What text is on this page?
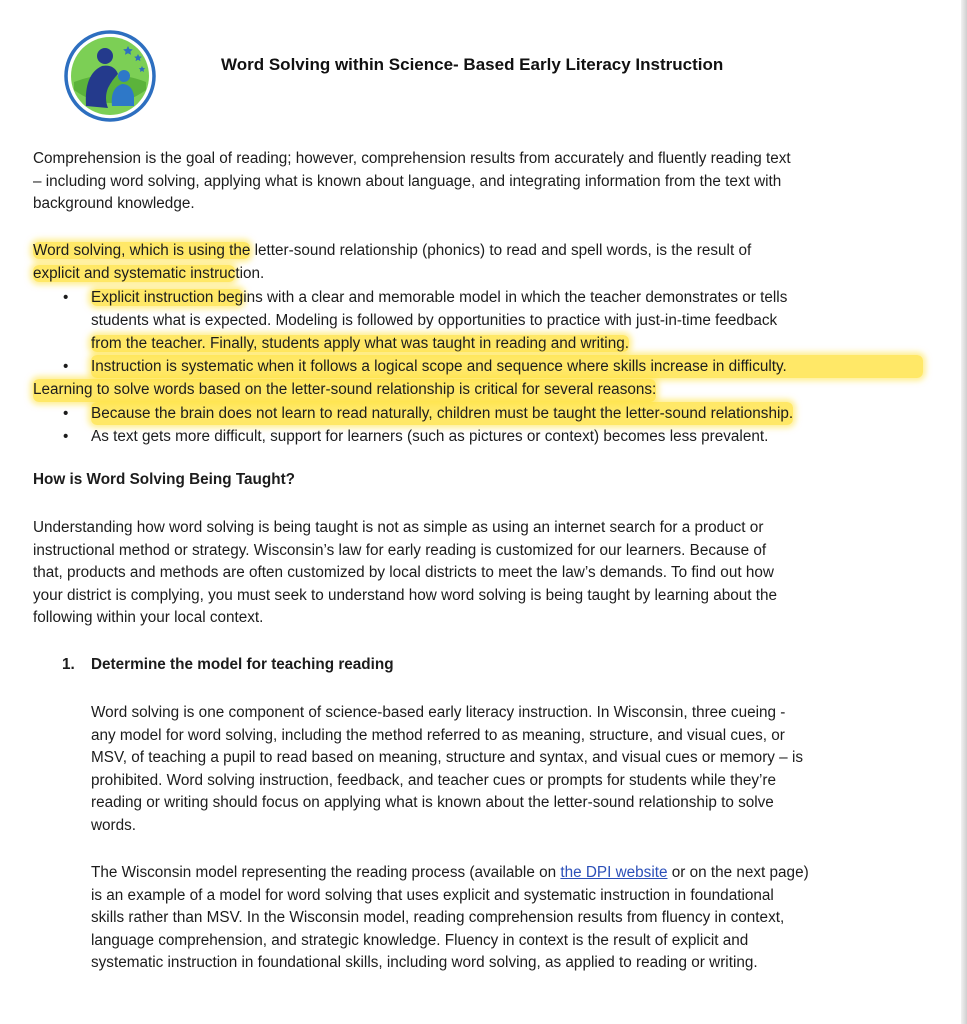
Word Solving within Science- Based Early Literacy Instruction

Comprehension is the goal of reading; however, comprehension results from accurately and fluently reading text
– including word solving, applying what is known about language, and integrating information from the text with
background knowledge.

Word solving, which is using the letter-sound relationship (phonics) to read and spell words, is the result of
explicit and systematic instruction.

• Explicit instruction begins with a clear and memorable model in which the teacher demonstrates or tells
students what is expected. Modeling is followed by opportunities to practice with just-in-time feedback
from the teacher. Finally, students apply what was taught in reading and writing.
• Instruction is systematic when it follows a logical scope and sequence where skills increase in difficulty.

Learning to solve words based on the letter-sound relationship is critical for several reasons:

• Because the brain does not learn to read naturally, children must be taught the letter-sound relationship.
• As text gets more difficult, support for learners (such as pictures or context) becomes less prevalent.
How is Word Solving Being Taught?

Understanding how word solving is being taught is not as simple as using an internet search for a product or
instructional method or strategy. Wisconsin’s law for early reading is customized for our learners. Because of
that, products and methods are often customized by local districts to meet the law’s demands. To find out how
your district is complying, you must seek to understand how word solving is being taught by learning about the
following within your local context.

1. Determine the model for teaching reading

Word solving is one component of science-based early literacy instruction. In Wisconsin, three cueing -
any model for word solving, including the method referred to as meaning, structure, and visual cues, or
MSV, of teaching a pupil to read based on meaning, structure and syntax, and visual cues or memory – is
prohibited. Word solving instruction, feedback, and teacher cues or prompts for students while they’re
reading or writing should focus on applying what is known about the letter-sound relationship to solve
words.

The Wisconsin model representing the reading process (available on the DPI website or on the next page)
is an example of a model for word solving that uses explicit and systematic instruction in foundational
skills rather than MSV. In the Wisconsin model, reading comprehension results from fluency in context,
language comprehension, and strategic knowledge. Fluency in context is the result of explicit and
systematic instruction in foundational skills, including word solving, as applied to reading or writing.
